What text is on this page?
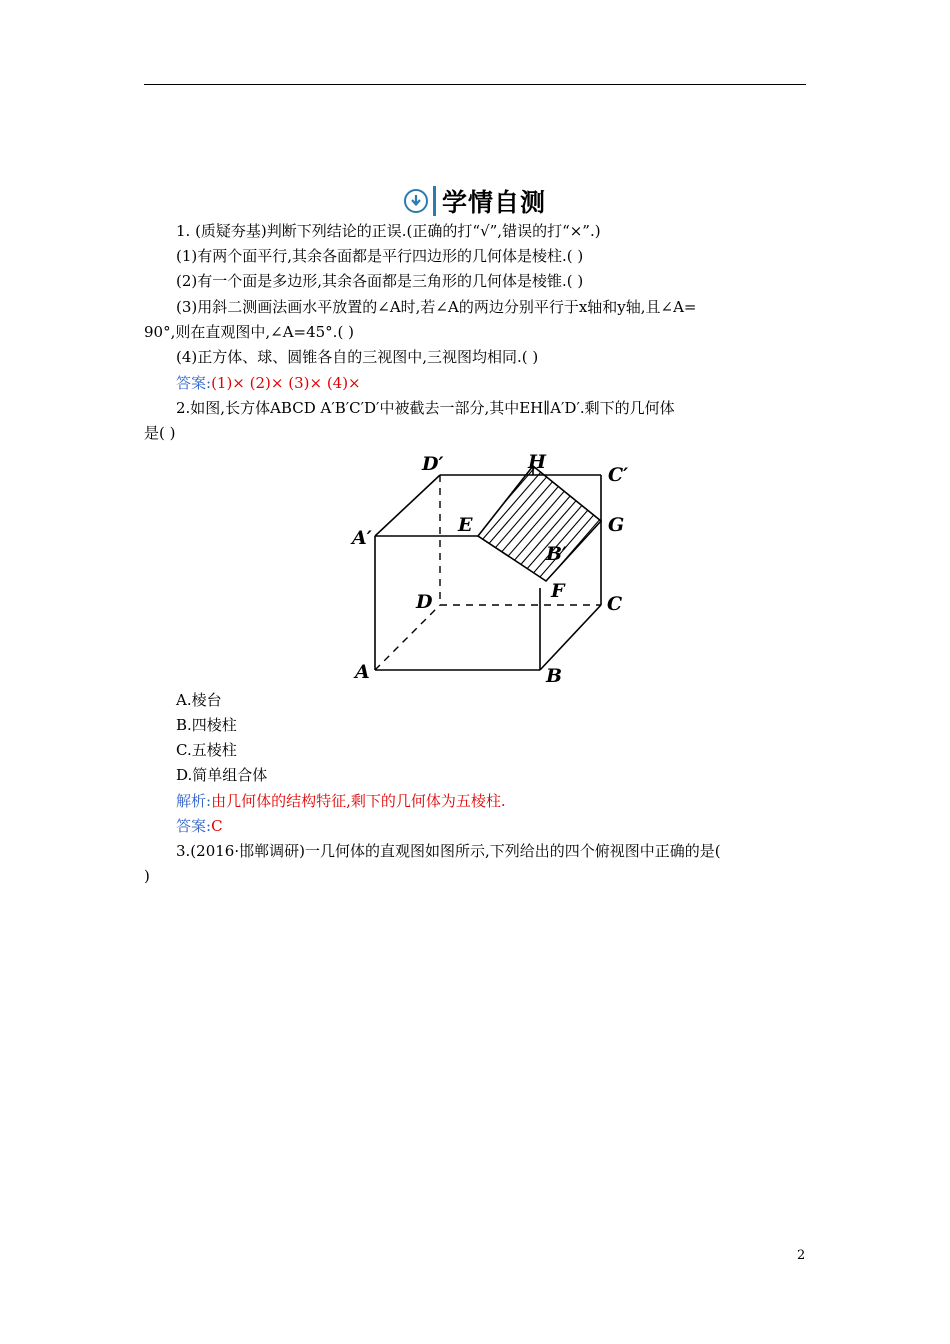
学情自测
1. (质疑夯基)判断下列结论的正误.(正确的打“√”,错误的打“×”.)
(1)有两个面平行,其余各面都是平行四边形的几何体是棱柱.( )
(2)有一个面是多边形,其余各面都是三角形的几何体是棱锥.( )
(3)用斜二测画法画水平放置的∠A时,若∠A的两边分别平行于x轴和y轴,且∠A=
90°,则在直观图中,∠A=45°.( )
(4)正方体、球、圆锥各自的三视图中,三视图均相同.( )
答案:(1)× (2)× (3)× (4)×
2.如图,长方体ABCD A′B′C′D′中被截去一部分,其中EH∥A′D′.剩下的几何体
是( )
A	B
C
D
A′
B′
C′
D′
E
F
G
H
A.棱台
B.四棱柱
C.五棱柱
D.简单组合体
解析:由几何体的结构特征,剩下的几何体为五棱柱.
答案:C
3.(2016·邯郸调研)一几何体的直观图如图所示,下列给出的四个俯视图中正确的是(
)
2
